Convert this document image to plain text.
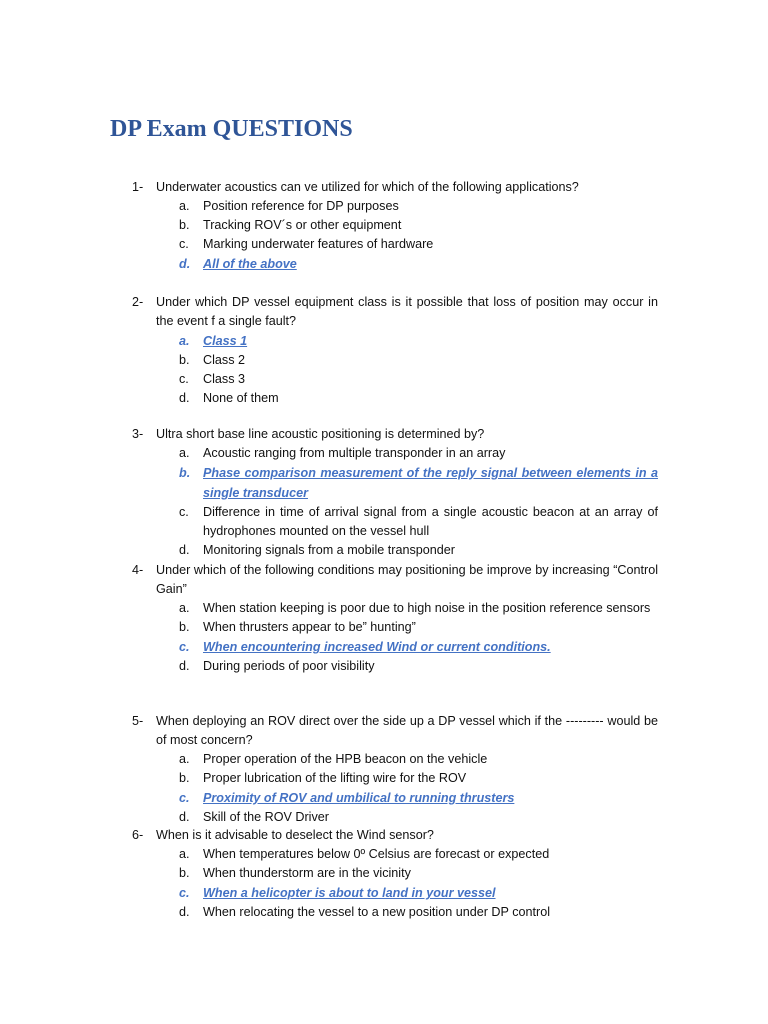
DP Exam QUESTIONS
1-	Underwater acoustics can ve utilized for which of the following applications?
a.	Position reference for DP purposes
b.	Tracking ROV´s or other equipment
c.	Marking underwater features of hardware
d.	All of the above
2-	Under which DP vessel equipment class is it possible that loss of position may occur in the event f a single fault?
a.	Class 1
b.	Class 2
c.	Class 3
d.	None of them
3-	Ultra short base line acoustic positioning is determined by?
a.	Acoustic ranging from multiple transponder in an array
b.	Phase comparison measurement of the reply signal between elements in a single transducer
c.	Difference in time of arrival signal from a single acoustic beacon at an array of hydrophones mounted on the vessel hull
d.	Monitoring signals from a mobile transponder
4-	Under which of the following conditions may positioning be improve by increasing “Control Gain”
a.	When station keeping is poor due to high noise in the position reference sensors
b.	When thrusters appear to be” hunting”
c.	When encountering increased Wind or current conditions.
d.	During periods of poor visibility
5-	When deploying an ROV direct over the side up a DP vessel which if the --------- would be of most concern?
a.	Proper operation of the HPB beacon on the vehicle
b.	Proper lubrication of the lifting wire for the ROV
c.	Proximity of ROV and umbilical to running thrusters
d.	Skill of the ROV Driver
6-	When is it advisable to deselect the Wind sensor?
a.	When temperatures below 0º Celsius are forecast or expected
b.	When thunderstorm are in the vicinity
c.	When a helicopter is about to land in your vessel
d.	When relocating the vessel to a new position under DP control
